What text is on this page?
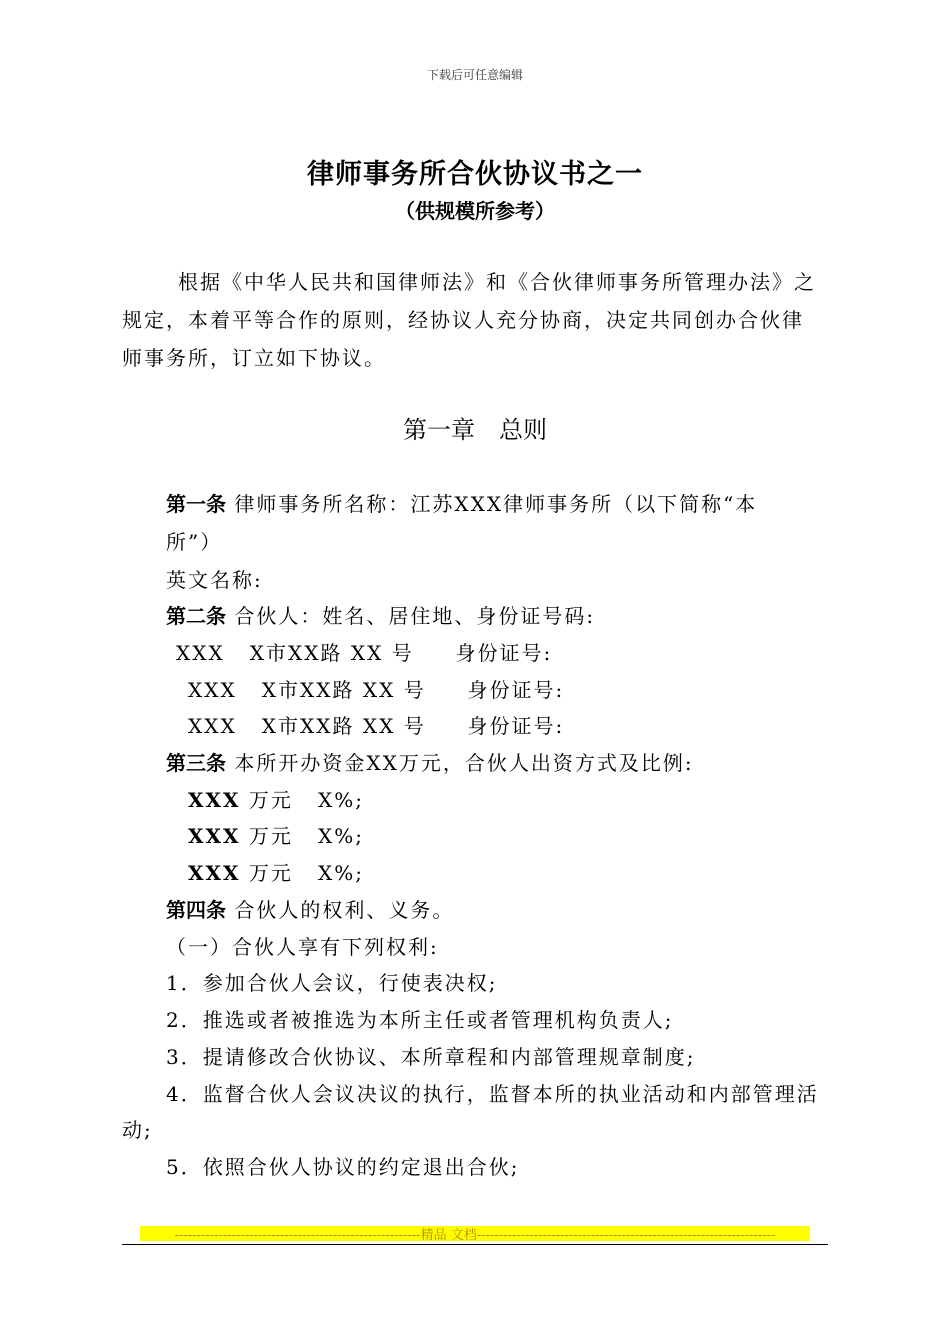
下载后可任意编辑
律师事务所合伙协议书之一
（供规模所参考）
根据《中华人民共和国律师法》和《合伙律师事务所管理办法》之
规定，本着平等合作的原则，经协议人充分协商，决定共同创办合伙律
师事务所，订立如下协议。
第一章　总则
第一条 律师事务所名称：江苏XXX律师事务所（以下简称“本
所”）
英文名称:
第二条 合伙人：姓名、居住地、身份证号码:
XXX X市XX路 XX 号 身份证号:
XXX X市XX路 XX 号 身份证号:
XXX X市XX路 XX 号 身份证号:
第三条 本所开办资金XX万元，合伙人出资方式及比例:
XXX 万元 X%;
XXX 万元 X%;
XXX 万元 X%;
第四条 合伙人的权利、义务。
（一）合伙人享有下列权利:
1．参加合伙人会议，行使表决权;
2．推选或者被推选为本所主任或者管理机构负责人;
3．提请修改合伙协议、本所章程和内部管理规章制度;
4．监督合伙人会议决议的执行，监督本所的执业活动和内部管理活
动;
5．依照合伙人协议的约定退出合伙;
--------------------------------------------------------精品 文档--------------------------------------------------------------------
